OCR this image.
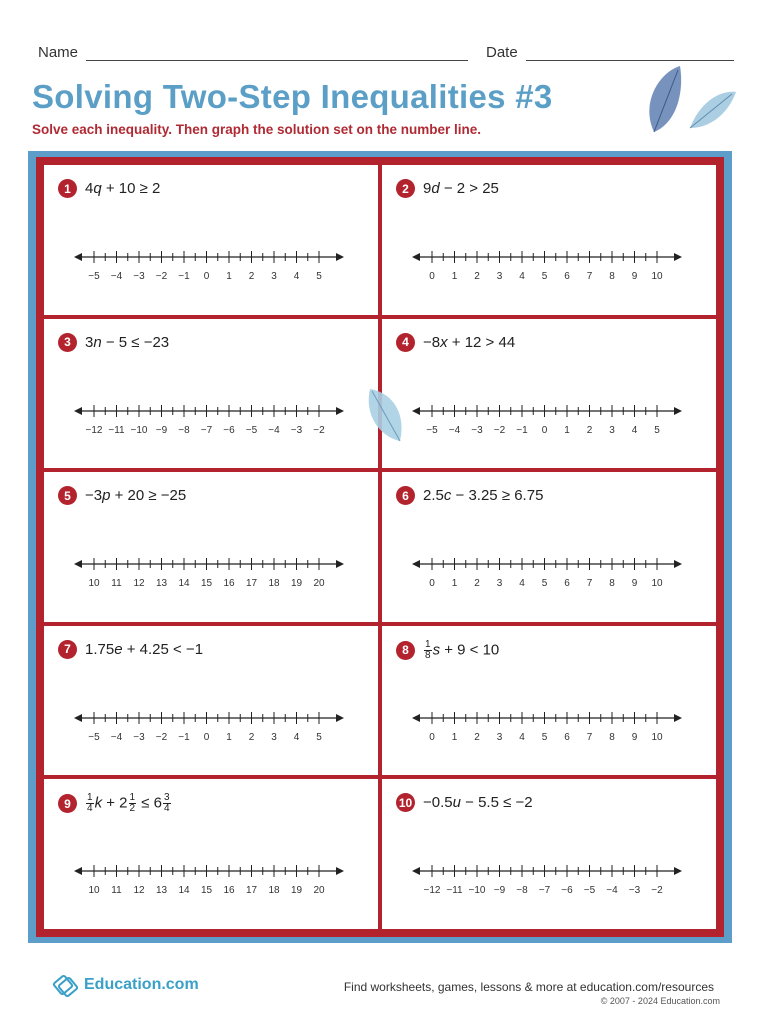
Name	Date
Solving Two-Step Inequalities #3
Solve each inequality. Then graph the solution set on the number line.
1 4q + 10 ≥ 2
−5 −4 −3 −2 −1 0 1 2 3 4 5
2 9d − 2 > 25
0 1 2 3 4 5 6 7 8 9 10
3 3n − 5 ≤ −23
−12 −11 −10 −9 −8 −7 −6 −5 −4 −3 −2
4 −8x + 12 > 44
−5 −4 −3 −2 −1 0 1 2 3 4 5
5 −3p + 20 ≥ −25
10 11 12 13 14 15 16 17 18 19 20
6 2.5c − 3.25 ≥ 6.75
0 1 2 3 4 5 6 7 8 9 10
7 1.75e + 4.25 < −1
−5 −4 −3 −2 −1 0 1 2 3 4 5
8	$\frac{1}{8}$ s + 9 < 10
0 1 2 3 4 5 6 7 8 9 10
9	$\frac{1}{4}$ $k + 2 \frac{1}{2} \le 6 \frac{3}{4}$
10 11 12 13 14 15 16 17 18 19 20
10 −0.5u − 5.5 ≤ −2
−12 −11 −10 −9 −8 −7 −6 −5 −4 −3 −2
Education.com	Find worksheets, games, lessons & more at education.com/resources
© 2007 - 2024 Education.com
